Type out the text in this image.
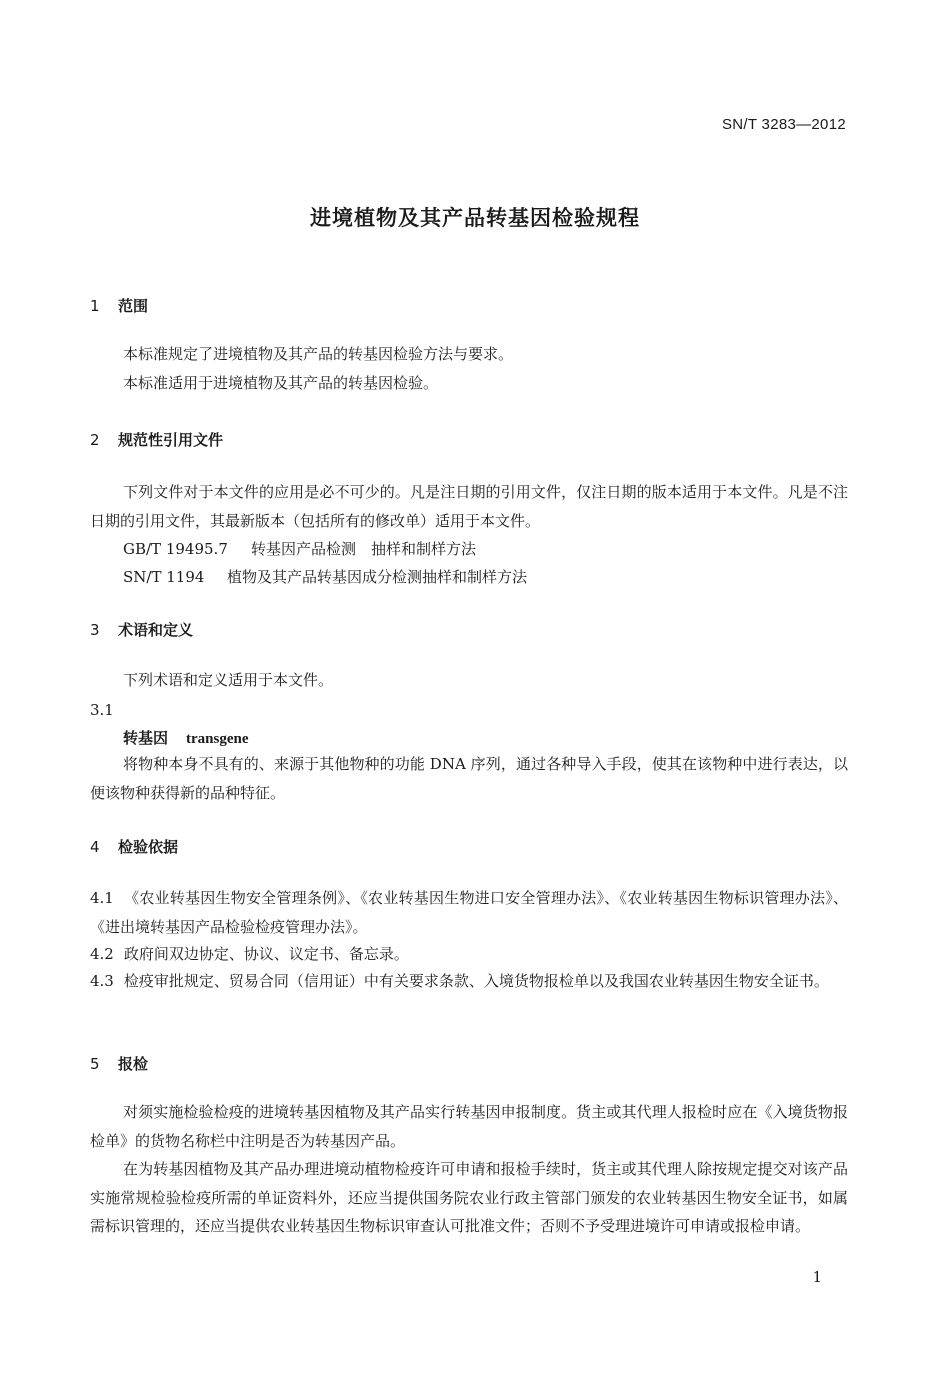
SN/T 3283—2012
进境植物及其产品转基因检验规程
1 范围
本标准规定了进境植物及其产品的转基因检验方法与要求。
本标准适用于进境植物及其产品的转基因检验。
2 规范性引用文件
下列文件对于本文件的应用是必不可少的。凡是注日期的引用文件，仅注日期的版本适用于本文件。凡是不注日期的引用文件，其最新版本（包括所有的修改单）适用于本文件。
GB/T 19495.7 转基因产品检测　抽样和制样方法
SN/T 1194 植物及其产品转基因成分检测抽样和制样方法
3 术语和定义
下列术语和定义适用于本文件。
3.1
转基因 transgene
将物种本身不具有的、来源于其他物种的功能 DNA 序列，通过各种导入手段，使其在该物种中进行表达，以便该物种获得新的品种特征。
4 检验依据
4.1 《农业转基因生物安全管理条例》、《农业转基因生物进口安全管理办法》、《农业转基因生物标识管理办法》、《进出境转基因产品检验检疫管理办法》。
4.2 政府间双边协定、协议、议定书、备忘录。
4.3 检疫审批规定、贸易合同（信用证）中有关要求条款、入境货物报检单以及我国农业转基因生物安全证书。
5 报检
对须实施检验检疫的进境转基因植物及其产品实行转基因申报制度。货主或其代理人报检时应在《入境货物报检单》的货物名称栏中注明是否为转基因产品。
在为转基因植物及其产品办理进境动植物检疫许可申请和报检手续时，货主或其代理人除按规定提交对该产品实施常规检验检疫所需的单证资料外，还应当提供国务院农业行政主管部门颁发的农业转基因生物安全证书，如属需标识管理的，还应当提供农业转基因生物标识审查认可批准文件；否则不予受理进境许可申请或报检申请。
1
